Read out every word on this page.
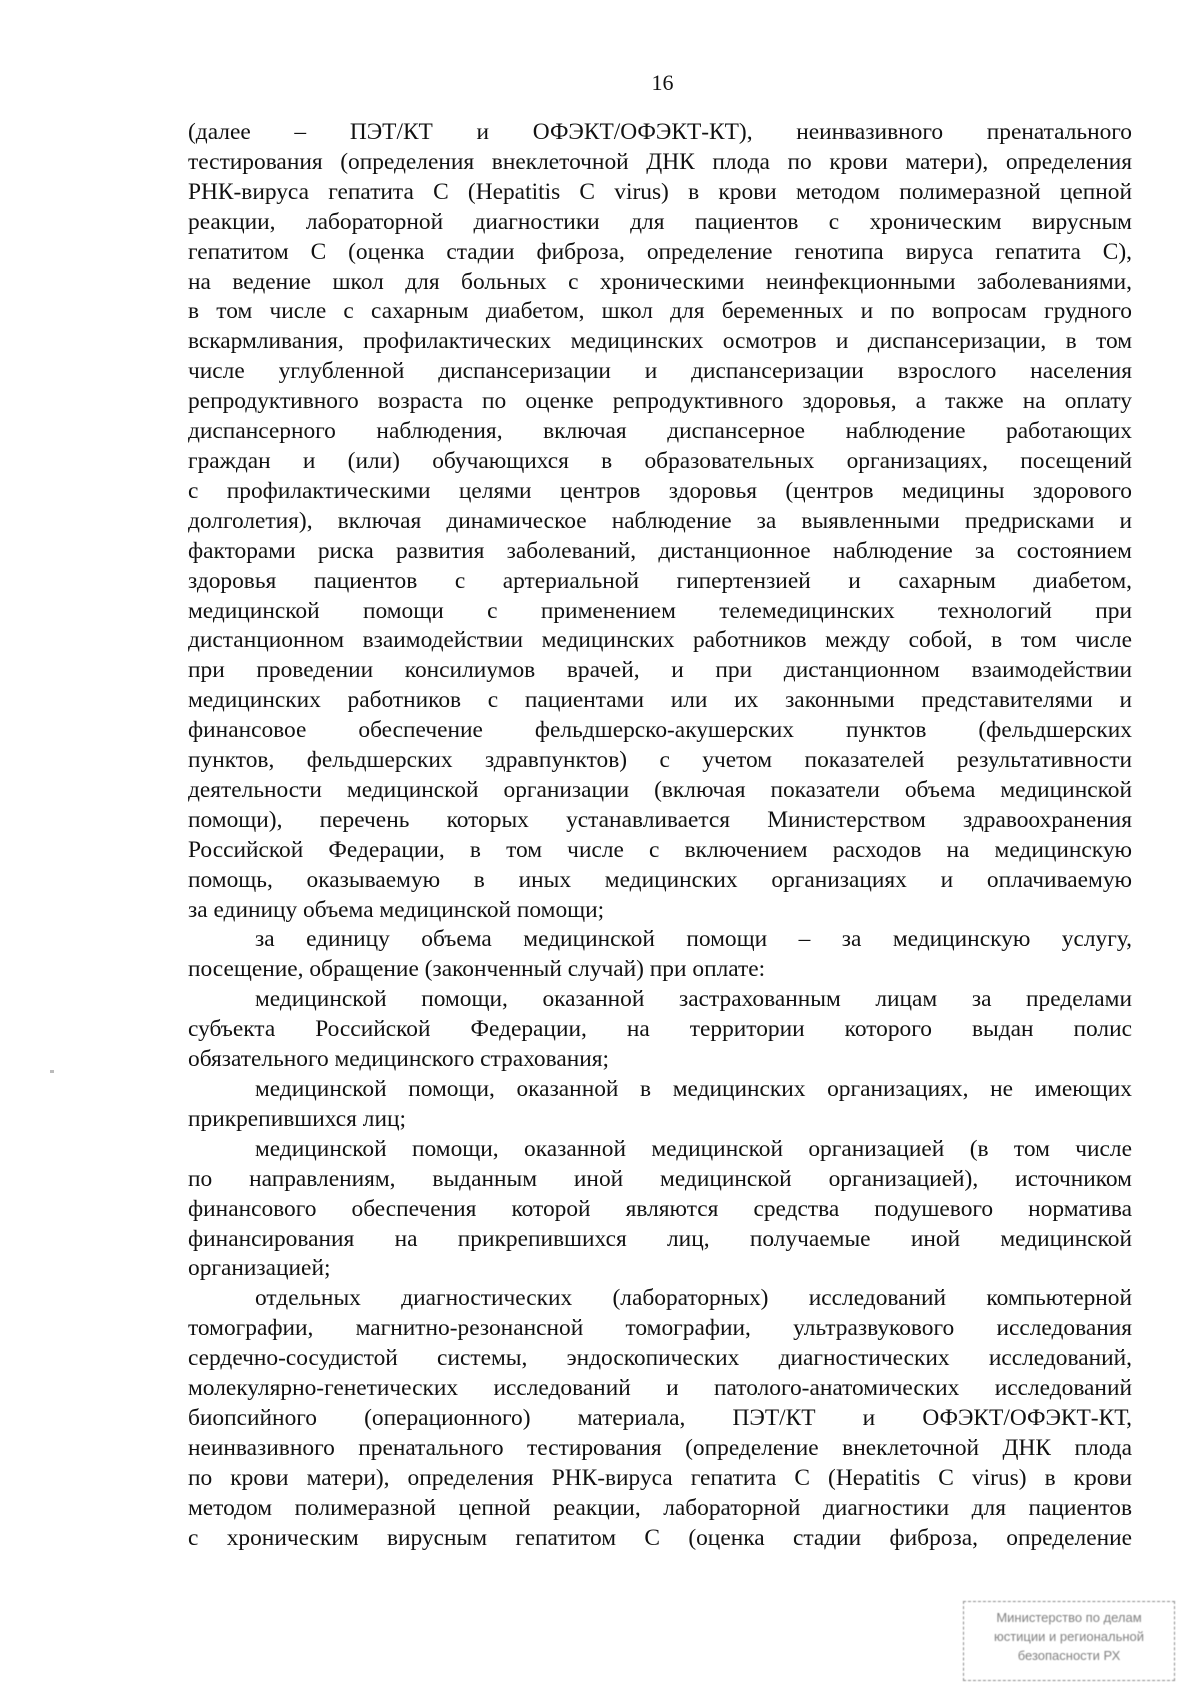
16
(далее – ПЭТ/КТ и ОФЭКТ/ОФЭКТ-КТ), неинвазивного пренатального
тестирования (определения внеклеточной ДНК плода по крови матери), определения
РНК-вируса гепатита С (Hepatitis С virus) в крови методом полимеразной цепной
реакции, лабораторной диагностики для пациентов с хроническим вирусным
гепатитом С (оценка стадии фиброза, определение генотипа вируса гепатита С),
на ведение школ для больных с хроническими неинфекционными заболеваниями,
в том числе с сахарным диабетом, школ для беременных и по вопросам грудного
вскармливания, профилактических медицинских осмотров и диспансеризации, в том
числе углубленной диспансеризации и диспансеризации взрослого населения
репродуктивного возраста по оценке репродуктивного здоровья, а также на оплату
диспансерного наблюдения, включая диспансерное наблюдение работающих
граждан и (или) обучающихся в образовательных организациях, посещений
с профилактическими целями центров здоровья (центров медицины здорового
долголетия), включая динамическое наблюдение за выявленными предрисками и
факторами риска развития заболеваний, дистанционное наблюдение за состоянием
здоровья пациентов с артериальной гипертензией и сахарным диабетом,
медицинской помощи с применением телемедицинских технологий при
дистанционном взаимодействии медицинских работников между собой, в том числе
при проведении консилиумов врачей, и при дистанционном взаимодействии
медицинских работников с пациентами или их законными представителями и
финансовое обеспечение фельдшерско-акушерских пунктов (фельдшерских
пунктов, фельдшерских здравпунктов) с учетом показателей результативности
деятельности медицинской организации (включая показатели объема медицинской
помощи), перечень которых устанавливается Министерством здравоохранения
Российской Федерации, в том числе с включением расходов на медицинскую
помощь, оказываемую в иных медицинских организациях и оплачиваемую
за единицу объема медицинской помощи;
за единицу объема медицинской помощи – за медицинскую услугу,
посещение, обращение (законченный случай) при оплате:
медицинской помощи, оказанной застрахованным лицам за пределами
субъекта Российской Федерации, на территории которого выдан полис
обязательного медицинского страхования;
медицинской помощи, оказанной в медицинских организациях, не имеющих
прикрепившихся лиц;
медицинской помощи, оказанной медицинской организацией (в том числе
по направлениям, выданным иной медицинской организацией), источником
финансового обеспечения которой являются средства подушевого норматива
финансирования на прикрепившихся лиц, получаемые иной медицинской
организацией;
отдельных диагностических (лабораторных) исследований компьютерной
томографии, магнитно-резонансной томографии, ультразвукового исследования
сердечно-сосудистой системы, эндоскопических диагностических исследований,
молекулярно-генетических исследований и патолого-анатомических исследований
биопсийного (операционного) материала, ПЭТ/КТ и ОФЭКТ/ОФЭКТ-КТ,
неинвазивного пренатального тестирования (определение внеклеточной ДНК плода
по крови матери), определения РНК-вируса гепатита С (Hepatitis С virus) в крови
методом полимеразной цепной реакции, лабораторной диагностики для пациентов
с хроническим вирусным гепатитом С (оценка стадии фиброза, определение
Министерство по делам
юстиции и региональной
безопасности РХ
